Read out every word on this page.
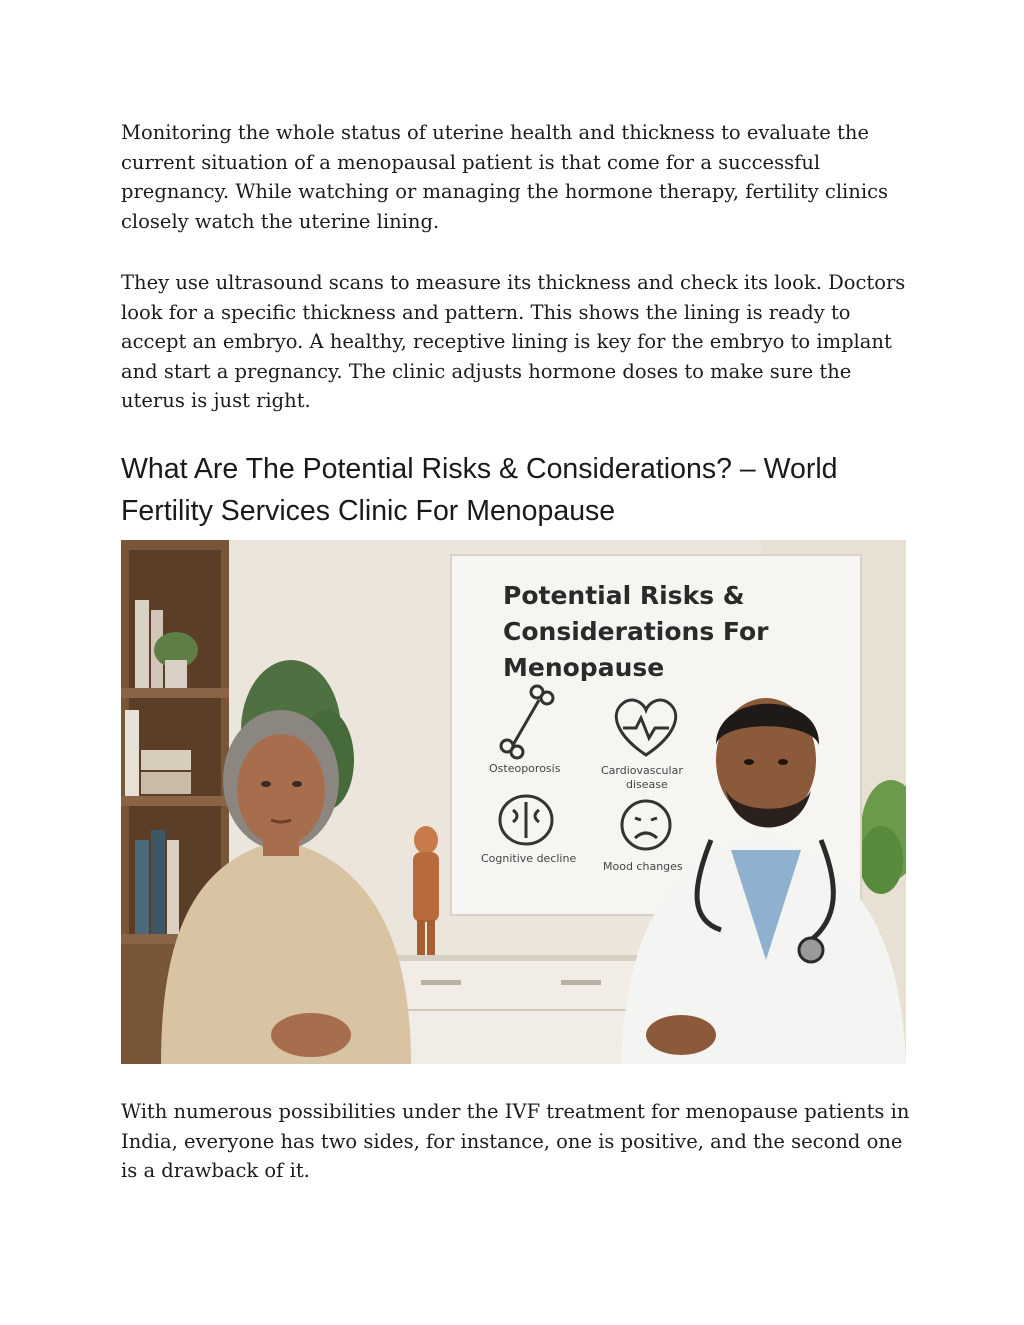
Monitoring the whole status of uterine health and thickness to evaluate the current situation of a menopausal patient is that come for a successful pregnancy. While watching or managing the hormone therapy, fertility clinics closely watch the uterine lining.

They use ultrasound scans to measure its thickness and check its look. Doctors look for a specific thickness and pattern. This shows the lining is ready to accept an embryo. A healthy, receptive lining is key for the embryo to implant and start a pregnancy. The clinic adjusts hormone doses to make sure the uterus is just right.

What Are The Potential Risks & Considerations? – World
Fertility Services Clinic For Menopause
Potential Risks &
Considerations For
Menopause
Osteoporosis	Cardiovascular
disease
Cognitive decline
Mood changes

With numerous possibilities under the IVF treatment for menopause patients in India, everyone has two sides, for instance, one is positive, and the second one is a drawback of it.
